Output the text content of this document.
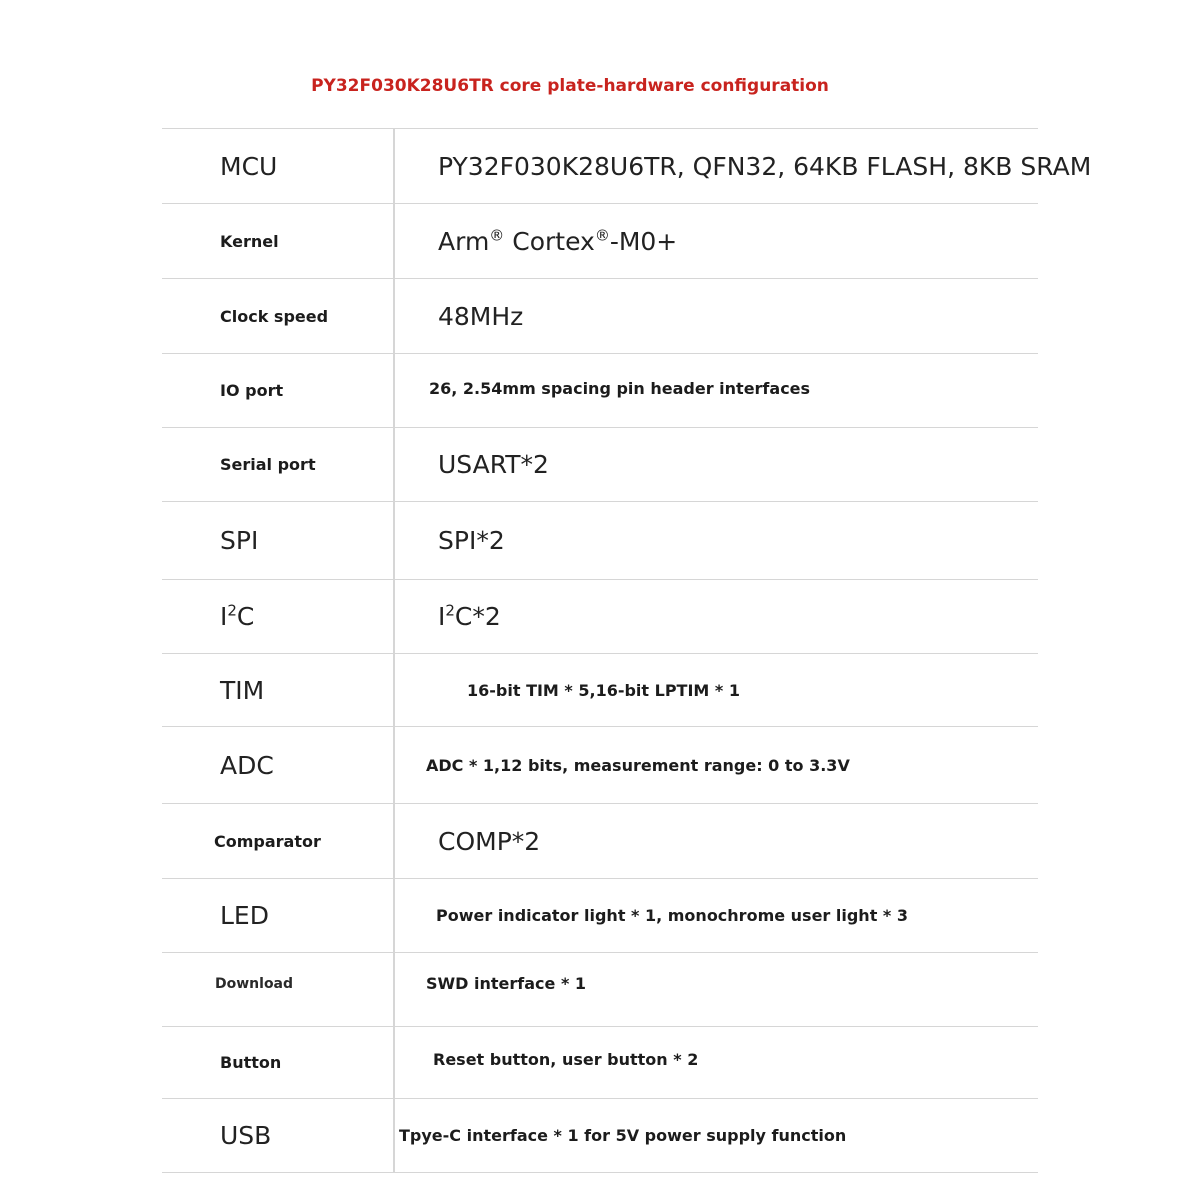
PY32F030K28U6TR core plate-hardware configuration
MCU	PY32F030K28U6TR, QFN32, 64KB FLASH, 8KB SRAM
Kernel	Arm® Cortex®-M0+
Clock speed	48MHz
IO port	26, 2.54mm spacing pin header interfaces
Serial port	USART*2
SPI	SPI*2
$I^2C$	$I^2C*2$
TIM	16-bit TIM * 5,16-bit LPTIM * 1
ADC	ADC * 1,12 bits, measurement range: 0 to 3.3V
Comparator	COMP*2
LED	Power indicator light * 1, monochrome user light * 3
Download	SWD interface * 1
Button	Reset button, user button * 2
USB	Tpye-C interface * 1 for 5V power supply function
